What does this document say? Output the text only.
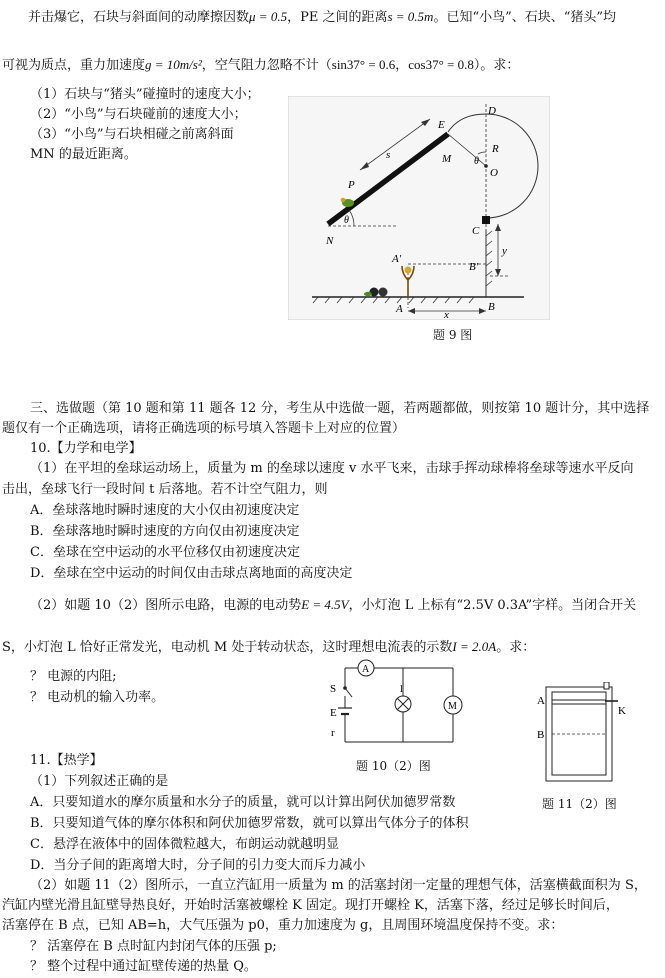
并击爆它，石块与斜面间的动摩擦因数μ = 0.5，PE 之间的距离s = 0.5m。已知“小鸟”、石块、“猪头”均
可视为质点，重力加速度g = 10m/s²，空气阻力忽略不计（sin37° = 0.6，cos37° = 0.8）。求：
（1）石块与“猪头”碰撞时的速度大小；
（2）“小鸟”与石块碰前的速度大小；
（3）“小鸟”与石块相碰之前离斜面
MN 的最近距离。
E
D
R
M θ
O
s
P
N
θ
C
y
A′
B′
A	B
x
题 9 图
三、选做题（第 10 题和第 11 题各 12 分，考生从中选做一题，若两题都做，则按第 10 题计分，其中选择
题仅有一个正确选项，请将正确选项的标号填入答题卡上对应的位置）
10.【力学和电学】
（1）在平坦的垒球运动场上，质量为 m 的垒球以速度 v 水平飞来，击球手挥动球棒将垒球等速水平反向
击出，垒球飞行一段时间 t 后落地。若不计空气阻力，则
A．垒球落地时瞬时速度的大小仅由初速度决定
B．垒球落地时瞬时速度的方向仅由初速度决定
C．垒球在空中运动的水平位移仅由初速度决定
D．垒球在空中运动的时间仅由击球点离地面的高度决定
（2）如题 10（2）图所示电路，电源的电动势E = 4.5V，小灯泡 L 上标有“2.5V 0.3A”字样。当闭合开关
S，小灯泡 L 恰好正常发光，电动机 M 处于转动状态，这时理想电流表的示数I = 2.0A。求：
？ 电源的内阻;
？ 电动机的输入功率。
A
S	l
M
E
r
题 10（2）图
A
B
K
题 11（2）图
11.【热学】
（1）下列叙述正确的是
A．只要知道水的摩尔质量和水分子的质量，就可以计算出阿伏加德罗常数
B．只要知道气体的摩尔体积和阿伏加德罗常数，就可以算出气体分子的体积
C．悬浮在液体中的固体微粒越大，布朗运动就越明显
D．当分子间的距离增大时，分子间的引力变大而斥力减小
（2）如题 11（2）图所示，一直立汽缸用一质量为 m 的活塞封闭一定量的理想气体，活塞横截面积为 S，
汽缸内壁光滑且缸壁导热良好，开始时活塞被螺栓 K 固定。现打开螺栓 K，活塞下落，经过足够长时间后，
活塞停在 B 点，已知 AB=h，大气压强为 p0，重力加速度为 g，且周围环境温度保持不变。求：
？ 活塞停在 B 点时缸内封闭气体的压强 p;
？ 整个过程中通过缸壁传递的热量 Q。
